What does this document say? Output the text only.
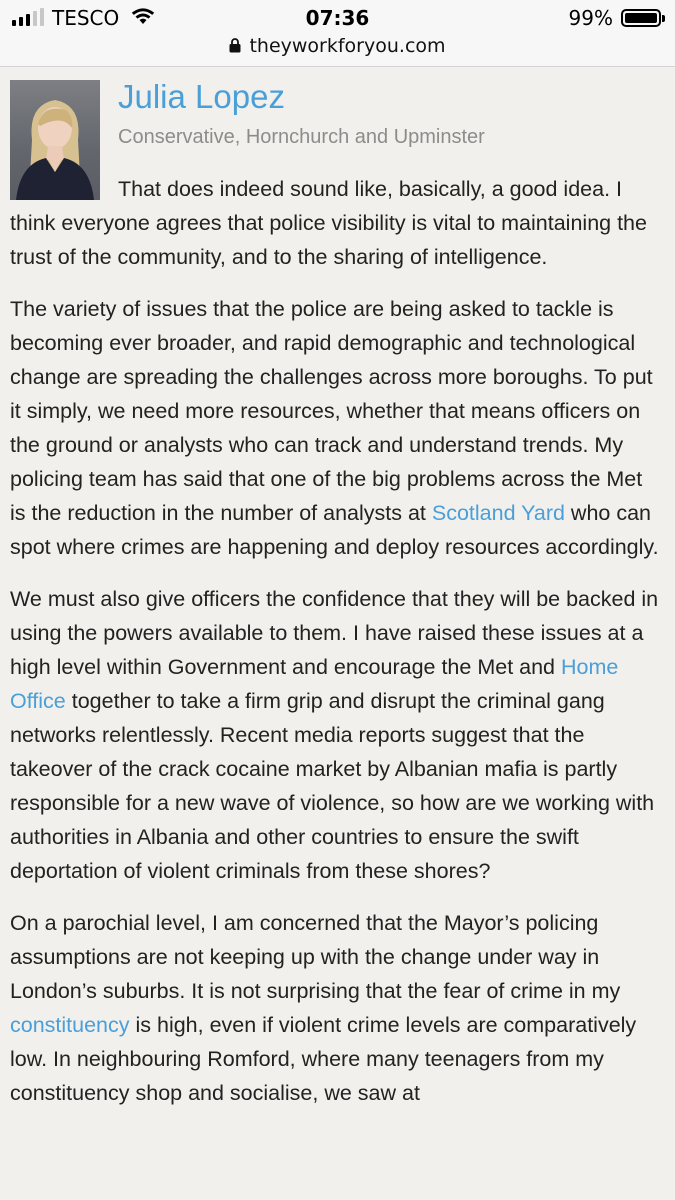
TESCO	07:36	99%
theyworkforyou.com
Julia Lopez

Conservative, Hornchurch and Upminster

That does indeed sound like, basically, a good idea. I think everyone agrees that police visibility is vital to maintaining the trust of the community, and to the sharing of intelligence.

The variety of issues that the police are being asked to tackle is becoming ever broader, and rapid demographic and technological change are spreading the challenges across more boroughs. To put it simply, we need more resources, whether that means officers on the ground or analysts who can track and understand trends. My policing team has said that one of the big problems across the Met is the reduction in the number of analysts at Scotland Yard who can spot where crimes are happening and deploy resources accordingly.

We must also give officers the confidence that they will be backed in using the powers available to them. I have raised these issues at a high level within Government and encourage the Met and Home Office together to take a firm grip and disrupt the criminal gang networks relentlessly. Recent media reports suggest that the takeover of the crack cocaine market by Albanian mafia is partly responsible for a new wave of violence, so how are we working with authorities in Albania and other countries to ensure the swift deportation of violent criminals from these shores?

On a parochial level, I am concerned that the Mayor’s policing assumptions are not keeping up with the change under way in London’s suburbs. It is not surprising that the fear of crime in my constituency is high, even if violent crime levels are comparatively low. In neighbouring Romford, where many teenagers from my constituency shop and socialise, we saw at
